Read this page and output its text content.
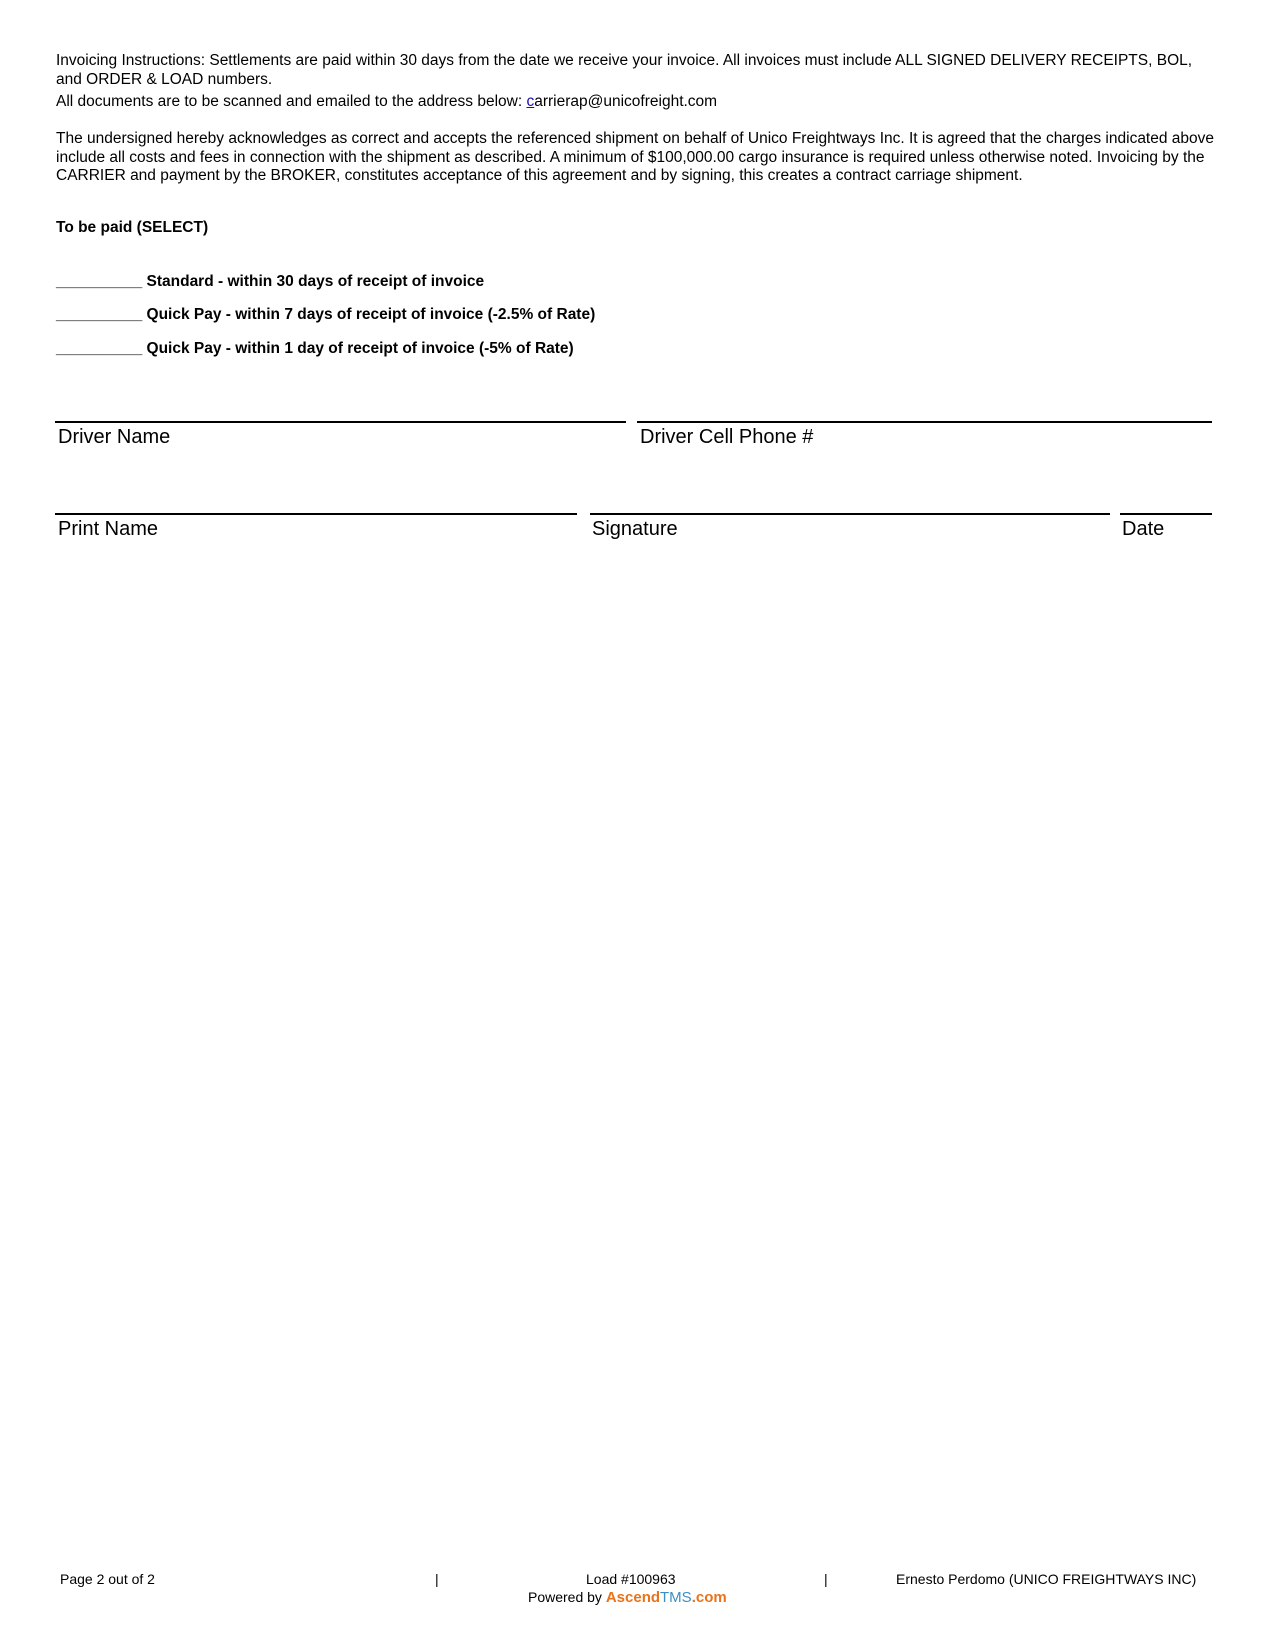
Invoicing Instructions: Settlements are paid within 30 days from the date we receive your invoice. All invoices must include ALL SIGNED DELIVERY RECEIPTS, BOL, and ORDER & LOAD numbers.

All documents are to be scanned and emailed to the address below: carrierap@unicofreight.com

The undersigned hereby acknowledges as correct and accepts the referenced shipment on behalf of Unico Freightways Inc. It is agreed that the charges indicated above include all costs and fees in connection with the shipment as described. A minimum of $100,000.00 cargo insurance is required unless otherwise noted. Invoicing by the CARRIER and payment by the BROKER, constitutes acceptance of this agreement and by signing, this creates a contract carriage shipment.

To be paid (SELECT)

__________ Standard - within 30 days of receipt of invoice
__________ Quick Pay - within 7 days of receipt of invoice (-2.5% of Rate)
__________ Quick Pay - within 1 day of receipt of invoice (-5% of Rate)
Driver Name	Driver Cell Phone #
Print Name	Signature	Date
Page 2 out of 2	|	Load #100963	|	Ernesto Perdomo (UNICO FREIGHTWAYS INC)
Powered by AscendTMS.com
